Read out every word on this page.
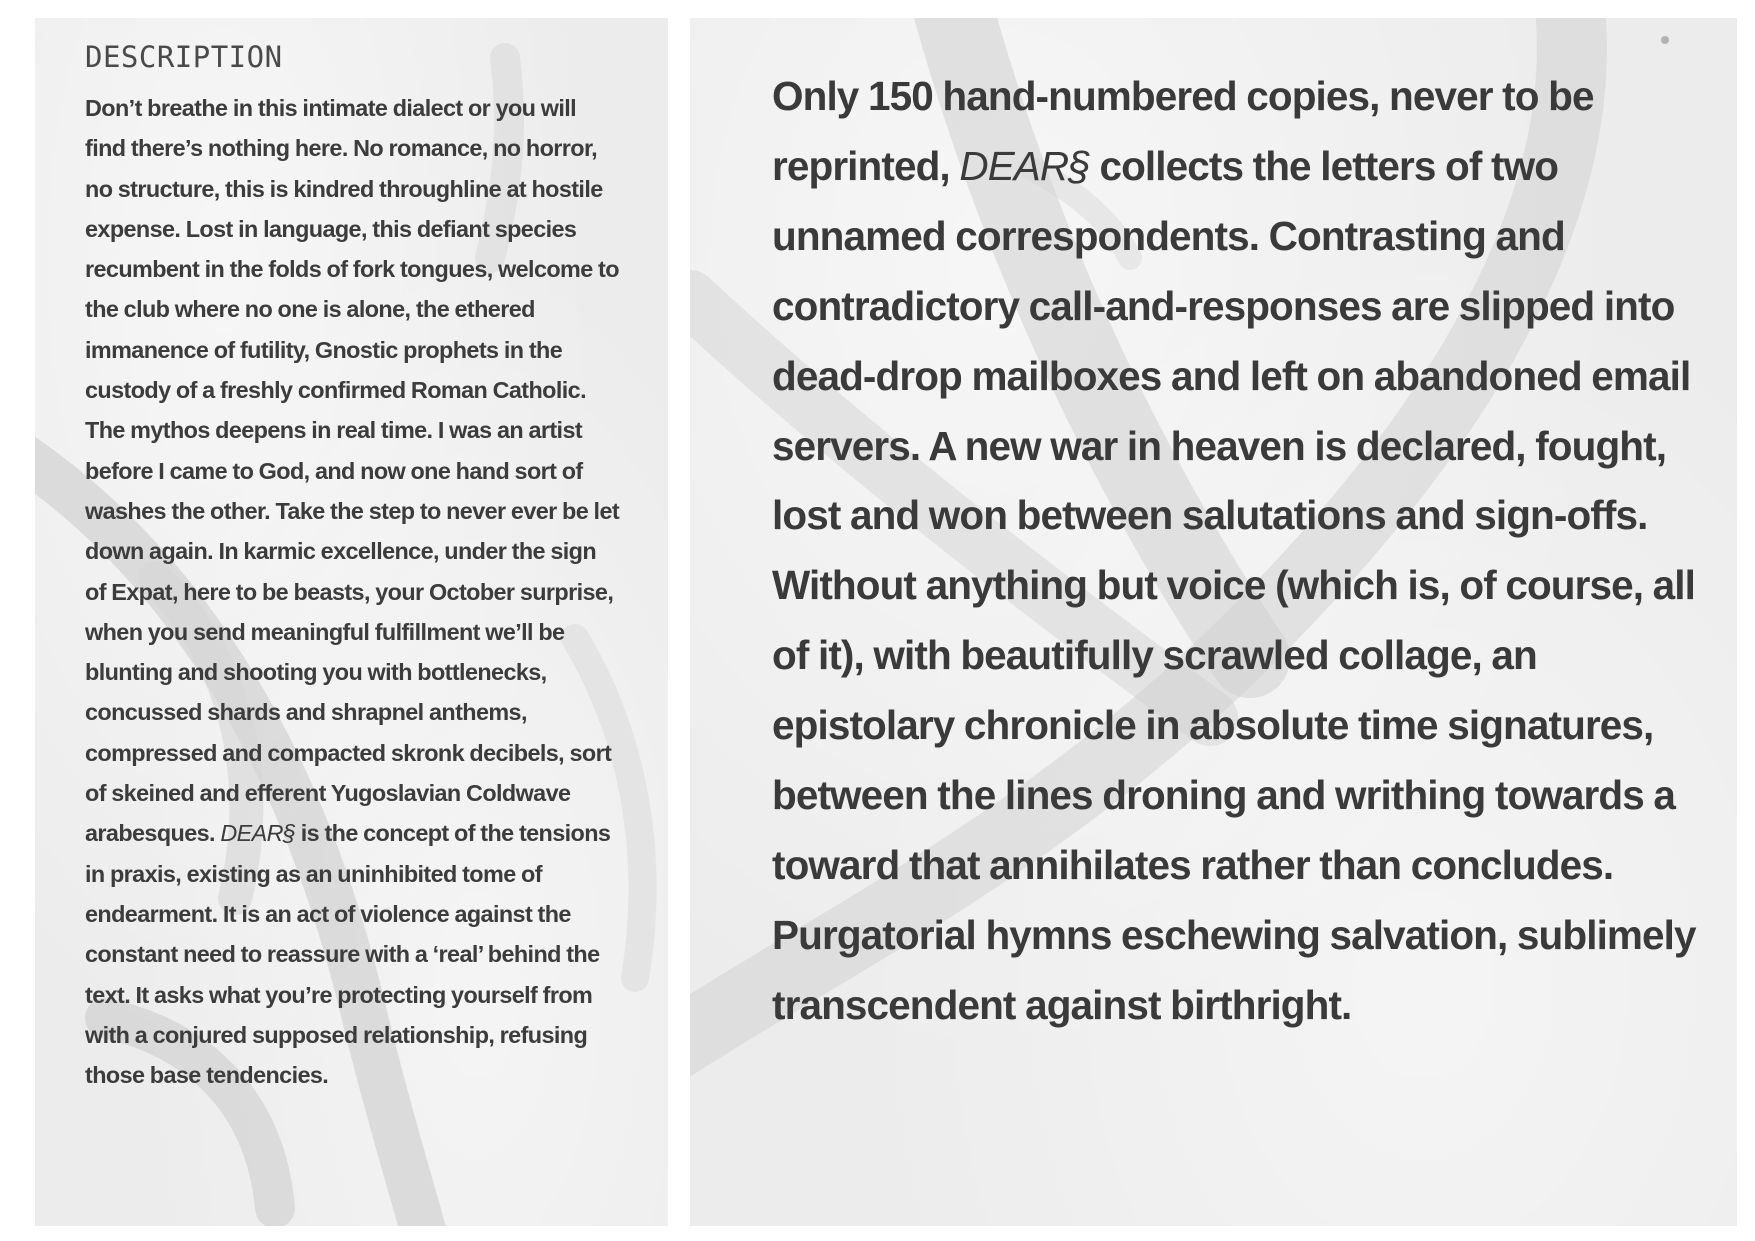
DESCRIPTION

Don’t breathe in this intimate dialect or you will find there’s nothing here. No romance, no horror, no structure, this is kindred throughline at hostile expense. Lost in language, this defiant species recumbent in the folds of fork tongues, welcome to the club where no one is alone, the ethered immanence of futility, Gnostic prophets in the custody of a freshly confirmed Roman Catholic. The mythos deepens in real time. I was an artist before I came to God, and now one hand sort of washes the other. Take the step to never ever be let down again. In karmic excellence, under the sign of Expat, here to be beasts, your October surprise, when you send meaningful fulfillment we’ll be blunting and shooting you with bottlenecks, concussed shards and shrapnel anthems, compressed and compacted skronk decibels, sort of skeined and efferent Yugoslavian Coldwave arabesques. DEAR§ is the concept of the tensions in praxis, existing as an uninhibited tome of endearment. It is an act of violence against the constant need to reassure with a ‘real’ behind the text. It asks what you’re protecting yourself from with a conjured supposed relationship, refusing those base tendencies.

Only 150 hand-numbered copies, never to be reprinted, DEAR§ collects the letters of two unnamed correspondents. Contrasting and contradictory call-and-responses are slipped into dead-drop mailboxes and left on abandoned email servers. A new war in heaven is declared, fought, lost and won between salutations and sign-offs. Without anything but voice (which is, of course, all of it), with beautifully scrawled collage, an epistolary chronicle in absolute time signatures, between the lines droning and writhing towards a toward that annihilates rather than concludes. Purgatorial hymns eschewing salvation, sublimely transcendent against birthright.
